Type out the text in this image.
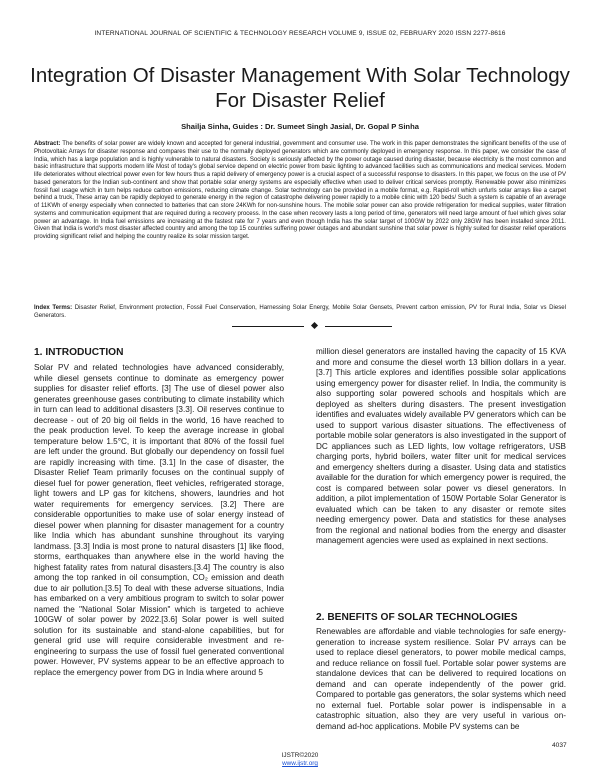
INTERNATIONAL JOURNAL OF SCIENTIFIC & TECHNOLOGY RESEARCH VOLUME 9, ISSUE 02, FEBRUARY 2020 ISSN 2277-8616
Integration Of Disaster Management With Solar Technology For Disaster Relief
Shailja Sinha, Guides : Dr. Sumeet Singh Jasial, Dr. Gopal P Sinha

Abstract: The benefits of solar power are widely known and accepted for general industrial, government and consumer use. The work in this paper demonstrates the significant benefits of the use of Photovoltaic Arrays for disaster response and compares their use to the normally deployed generators which are commonly deployed in emergency response. In this paper, we consider the case of India, which has a large population and is highly vulnerable to natural disasters. Society is seriously affected by the power outage caused during disaster, because electricity is the most common and basic infrastructure that supports modern life Most of today's global service depend on electric power from basic lighting to advanced facilities such as communications and medical services. Modern life deteriorates without electrical power even for few hours thus a rapid delivery of emergency power is a crucial aspect of a successful response to disasters. In this paper, we focus on the use of PV based generators for the Indian sub-continent and show that portable solar energy systems are especially effective when used to deliver critical services promptly. Renewable power also minimizes fossil fuel usage which in turn helps reduce carbon emissions, reducing climate change. Solar technology can be provided in a mobile format, e.g. Rapid-roll which unfurls solar arrays like a carpet behind a truck, These array can be rapidly deployed to generate energy in the region of catastrophe delivering power rapidly to a mobile clinic with 120 beds/ Such a system is capable of an average of 11KWh of energy especially when connected to batteries that can store 24KWh for non-sunshine hours. The mobile solar power can also provide refrigeration for medical supplies, water filtration systems and communication equipment that are required during a recovery process. In the case when recovery lasts a long period of time, generators will need large amount of fuel which gives solar power an advantage. In India fuel emissions are increasing at the fastest rate for 7 years and even though India has the solar target of 100GW by 2022 only 28GW has been installed since 2011. Given that India is world's most disaster affected country and among the top 15 countries suffering power outages and abundant sunshine that solar power is highly suited for disaster relief operations providing significant relief and helping the country realize its solar mission target.

Index Terms: Disaster Relief, Environment protection, Fossil Fuel Conservation, Harnessing Solar Energy, Mobile Solar Gensets, Prevent carbon emission, PV for Rural India, Solar vs Diesel Generators.

1. INTRODUCTION

Solar PV and related technologies have advanced considerably, while diesel gensets continue to dominate as emergency power supplies for disaster relief efforts. [3] The use of diesel power also generates greenhouse gases contributing to climate instability which in turn can lead to additional disasters [3.3]. Oil reserves continue to decrease - out of 20 big oil fields in the world, 16 have reached to the peak production level. To keep the average increase in global temperature below 1.5°C, it is important that 80% of the fossil fuel are left under the ground. But globally our dependency on fossil fuel are rapidly increasing with time. [3.1] In the case of disaster, the Disaster Relief Team primarily focuses on the continual supply of diesel fuel for power generation, fleet vehicles, refrigerated storage, light towers and LP gas for kitchens, showers, laundries and hot water requirements for emergency services. [3.2] There are considerable opportunities to make use of solar energy instead of diesel power when planning for disaster management for a country like India which has abundant sunshine throughout its varying landmass. [3.3] India is most prone to natural disasters [1] like flood, storms, earthquakes than anywhere else in the world having the highest fatality rates from natural disasters.[3.4] The country is also among the top ranked in oil consumption, CO₂ emission and death due to air pollution.[3.5] To deal with these adverse situations, India has embarked on a very ambitious program to switch to solar power named the "National Solar Mission" which is targeted to achieve 100GW of solar power by 2022.[3.6] Solar power is well suited solution for its sustainable and stand-alone capabilities, but for general grid use will require considerable investment and re-engineering to surpass the use of fossil fuel generated conventional power. However, PV systems appear to be an effective approach to replace the emergency power from DG in India where around 5

million diesel generators are installed having the capacity of 15 KVA and more and consume the diesel worth 13 billion dollars in a year. [3.7] This article explores and identifies possible solar applications using emergency power for disaster relief. In India, the community is also supporting solar powered schools and hospitals which are deployed as shelters during disasters. The present investigation identifies and evaluates widely available PV generators which can be used to support various disaster situations. The effectiveness of portable mobile solar generators is also investigated in the support of DC appliances such as LED lights, low voltage refrigerators, USB charging ports, hybrid boilers, water filter unit for medical services and emergency shelters during a disaster. Using data and statistics available for the duration for which emergency power is required, the cost is compared between solar power vs diesel generators. In addition, a pilot implementation of 150W Portable Solar Generator is evaluated which can be taken to any disaster or remote sites needing emergency power. Data and statistics for these analyses from the regional and national bodies from the energy and disaster management agencies were used as explained in next sections.

2. BENEFITS OF SOLAR TECHNOLOGIES

Renewables are affordable and viable technologies for safe energy-generation to increase system resilience. Solar PV arrays can be used to replace diesel generators, to power mobile medical camps, and reduce reliance on fossil fuel. Portable solar power systems are standalone devices that can be delivered to required locations on demand and can operate independently of the power grid. Compared to portable gas generators, the solar systems which need no external fuel. Portable solar power is indispensable in a catastrophic situation, also they are very useful in various on-demand ad-hoc applications. Mobile PV systems can be

4037
IJSTR©2020
www.ijstr.org
